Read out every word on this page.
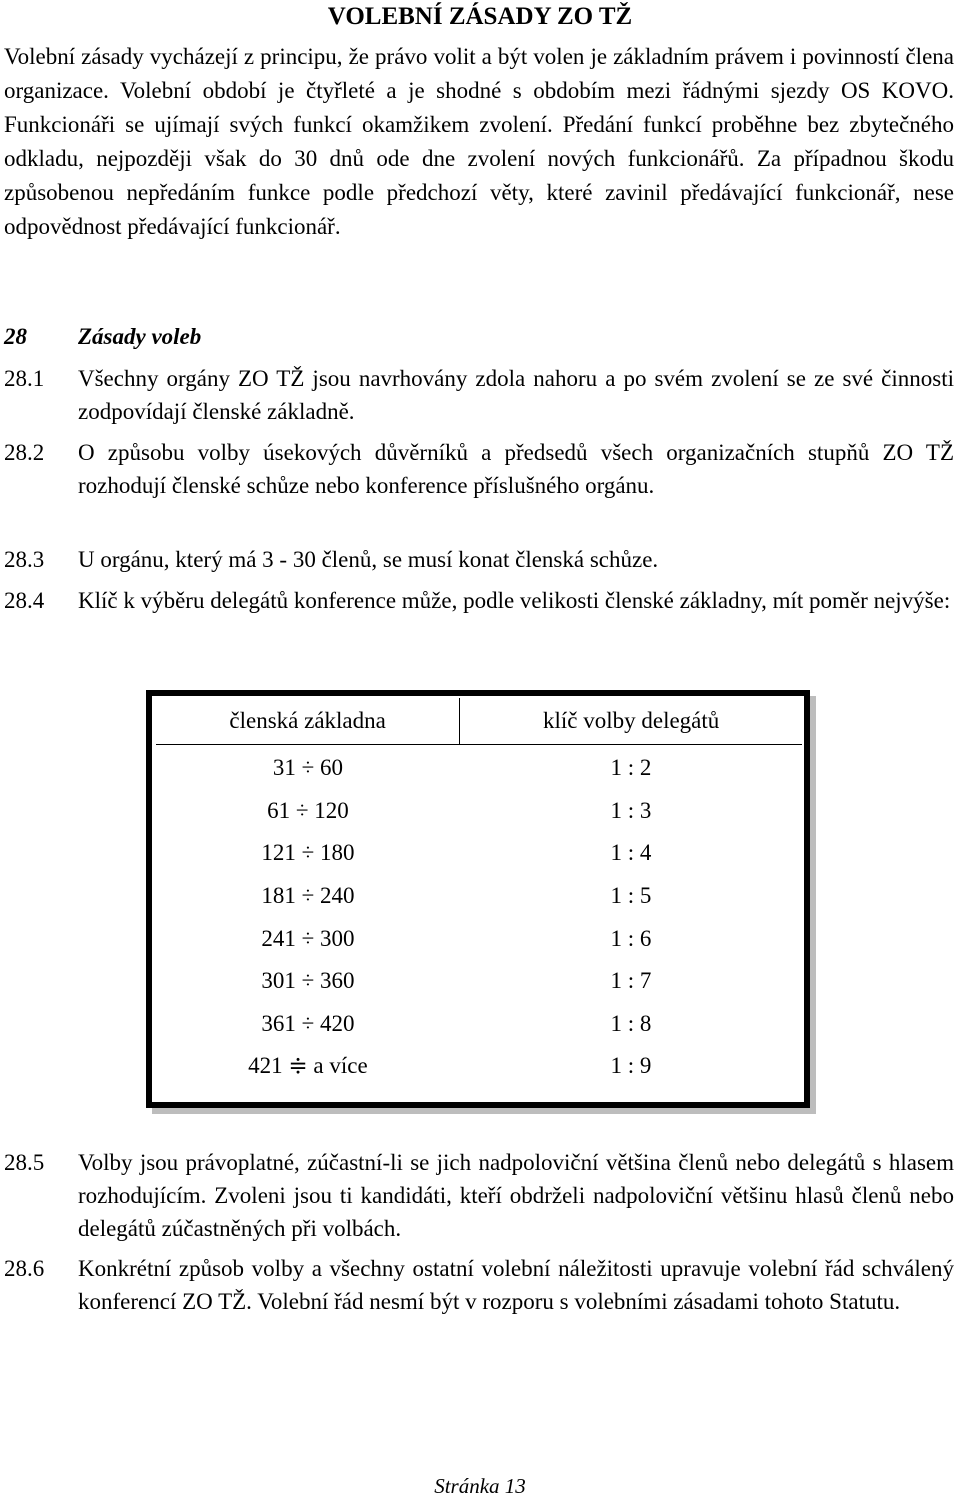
VOLEBNÍ ZÁSADY ZO TŽ

Volební zásady vycházejí z principu, že právo volit a být volen je základním právem i povinností člena organizace. Volební období je čtyřleté a je shodné s obdobím mezi řádnými sjezdy OS KOVO. Funkcionáři se ujímají svých funkcí okamžikem zvolení. Předání funkcí proběhne bez zbytečného odkladu, nejpozději však do 30 dnů ode dne zvolení nových funkcionářů. Za případnou škodu způsobenou nepředáním funkce podle předchozí věty, které zavinil předávající funkcionář, nese odpovědnost předávající funkcionář.

28 Zásady voleb
28.1	Všechny orgány ZO TŽ jsou navrhovány zdola nahoru a po svém zvolení se ze své činnosti zodpovídají členské základně.
28.2	O způsobu volby úsekových důvěrníků a předsedů všech organizačních stupňů ZO TŽ rozhodují členské schůze nebo konference příslušného orgánu.
28.3	U orgánu, který má 3 - 30 členů, se musí konat členská schůze.
28.4	Klíč k výběru delegátů konference může, podle velikosti členské základny, mít poměr nejvýše:
členská základna	klíč volby delegátů
31 ÷ 60	1 : 2
61 ÷ 120	1 : 3
121 ÷ 180	1 : 4
181 ÷ 240	1 : 5
241 ÷ 300	1 : 6
301 ÷ 360	1 : 7
361 ÷ 420	1 : 8
421 ≑ a více	1 : 9
28.5	Volby jsou právoplatné, zúčastní-li se jich nadpoloviční většina členů nebo delegátů s hlasem rozhodujícím. Zvoleni jsou ti kandidáti, kteří obdrželi nadpoloviční většinu hlasů členů nebo delegátů zúčastněných při volbách.
28.6	Konkrétní způsob volby a všechny ostatní volební náležitosti upravuje volební řád schválený konferencí ZO TŽ. Volební řád nesmí být v rozporu s volebními zásadami tohoto Statutu.
Stránka 13
